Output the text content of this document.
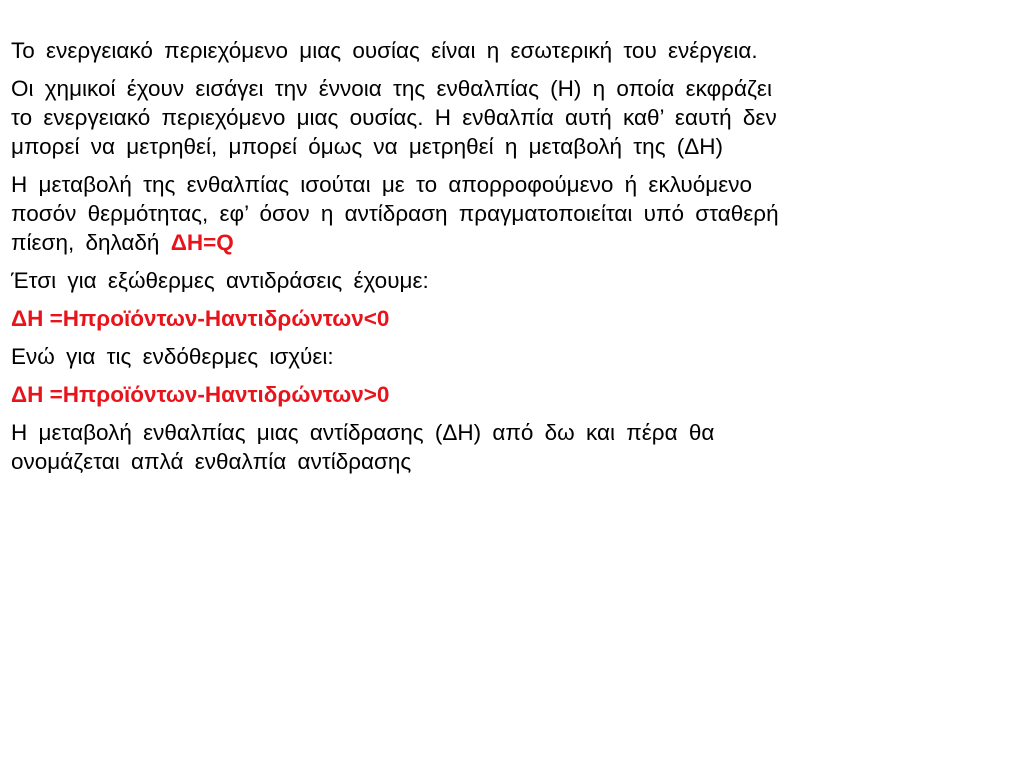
Το ενεργειακό περιεχόμενο μιας ουσίας είναι η εσωτερική του ενέργεια.

Οι χημικοί έχουν εισάγει την έννοια της ενθαλπίας (Η) η οποία εκφράζει
το ενεργειακό περιεχόμενο μιας ουσίας. Η ενθαλπία αυτή καθ’ εαυτή δεν
μπορεί να μετρηθεί, μπορεί όμως να μετρηθεί η μεταβολή της (ΔΗ)

Η μεταβολή της ενθαλπίας ισούται με το απορροφούμενο ή εκλυόμενο
ποσόν θερμότητας, εφ’ όσον η αντίδραση πραγματοποιείται υπό σταθερή
πίεση, δηλαδή ΔΗ=Q

Έτσι για εξώθερμες αντιδράσεις έχουμε:

ΔΗ =Ηπροϊόντων-Ηαντιδρώντων<0

Ενώ για τις ενδόθερμες ισχύει:

ΔΗ =Ηπροϊόντων-Ηαντιδρώντων>0

Η μεταβολή ενθαλπίας μιας αντίδρασης (ΔΗ) από δω και πέρα θα
ονομάζεται απλά ενθαλπία αντίδρασης
